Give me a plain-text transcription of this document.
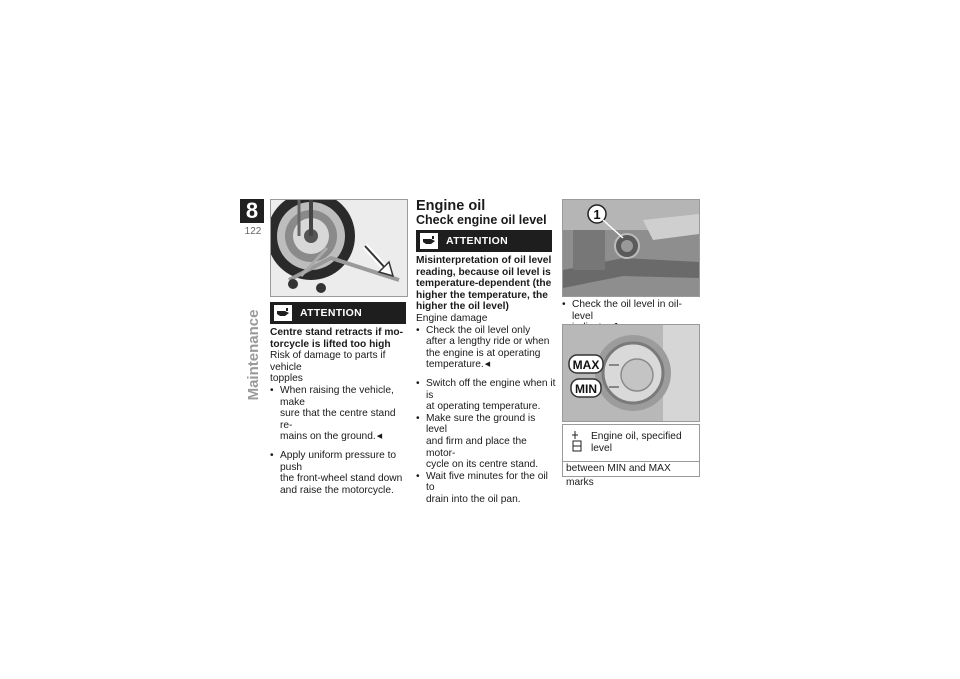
8
122
Maintenance	ATTENTION
Centre stand retracts if mo-
torcycle is lifted too high
Risk of damage to parts if vehicle
topples
• When raising the vehicle, make
sure that the centre stand re-
mains on the ground. ◀
• Apply uniform pressure to push
the front-wheel stand down
and raise the motorcycle.
Engine oil
Check engine oil level
ATTENTION
Misinterpretation of oil level
reading, because oil level is
temperature-dependent (the
higher the temperature, the
higher the oil level)
Engine damage
• Check the oil level only
after a lengthy ride or when
the engine is at operating
temperature. ◀
• Switch off the engine when it is
at operating temperature.
• Make sure the ground is level
and firm and place the motor-
cycle on its centre stand.
• Wait five minutes for the oil to
drain into the oil pan.
1
• Check the oil level in oil-level
MAX
MIN
Engine oil, specified level
between MIN and MAX marks
